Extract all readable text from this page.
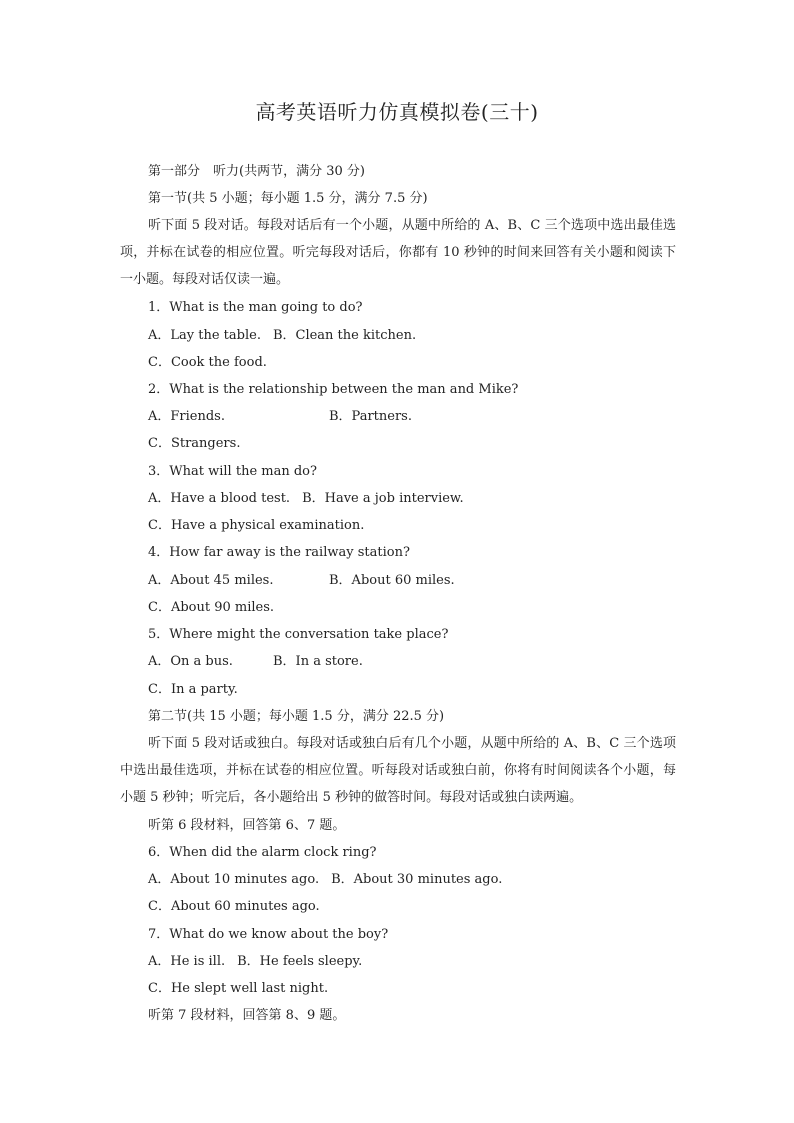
高考英语听力仿真模拟卷(三十)
第一部分　听力(共两节，满分 30 分)
第一节(共 5 小题；每小题 1.5 分，满分 7.5 分)
听下面 5 段对话。每段对话后有一个小题，从题中所给的 A、B、C 三个选项中选出最佳选项，并标在试卷的相应位置。听完每段对话后，你都有 10 秒钟的时间来回答有关小题和阅读下一小题。每段对话仅读一遍。
1．What is the man going to do?
A．Lay the table. B．Clean the kitchen.
C．Cook the food.
2．What is the relationship between the man and Mike?
A．Friends.	B．Partners.
C．Strangers.
3．What will the man do?
A．Have a blood test. B．Have a job interview.
C．Have a physical examination.
4．How far away is the railway station?
A．About 45 miles.	B．About 60 miles.
C．About 90 miles.
5．Where might the conversation take place?
A．On a bus.	B．In a store.
C．In a party.
第二节(共 15 小题；每小题 1.5 分，满分 22.5 分)
听下面 5 段对话或独白。每段对话或独白后有几个小题，从题中所给的 A、B、C 三个选项中选出最佳选项，并标在试卷的相应位置。听每段对话或独白前，你将有时间阅读各个小题，每小题 5 秒钟；听完后，各小题给出 5 秒钟的做答时间。每段对话或独白读两遍。
听第 6 段材料，回答第 6、7 题。
6．When did the alarm clock ring?
A．About 10 minutes ago. B．About 30 minutes ago.
C．About 60 minutes ago.
7．What do we know about the boy?
A．He is ill. B．He feels sleepy.
C．He slept well last night.
听第 7 段材料，回答第 8、9 题。
